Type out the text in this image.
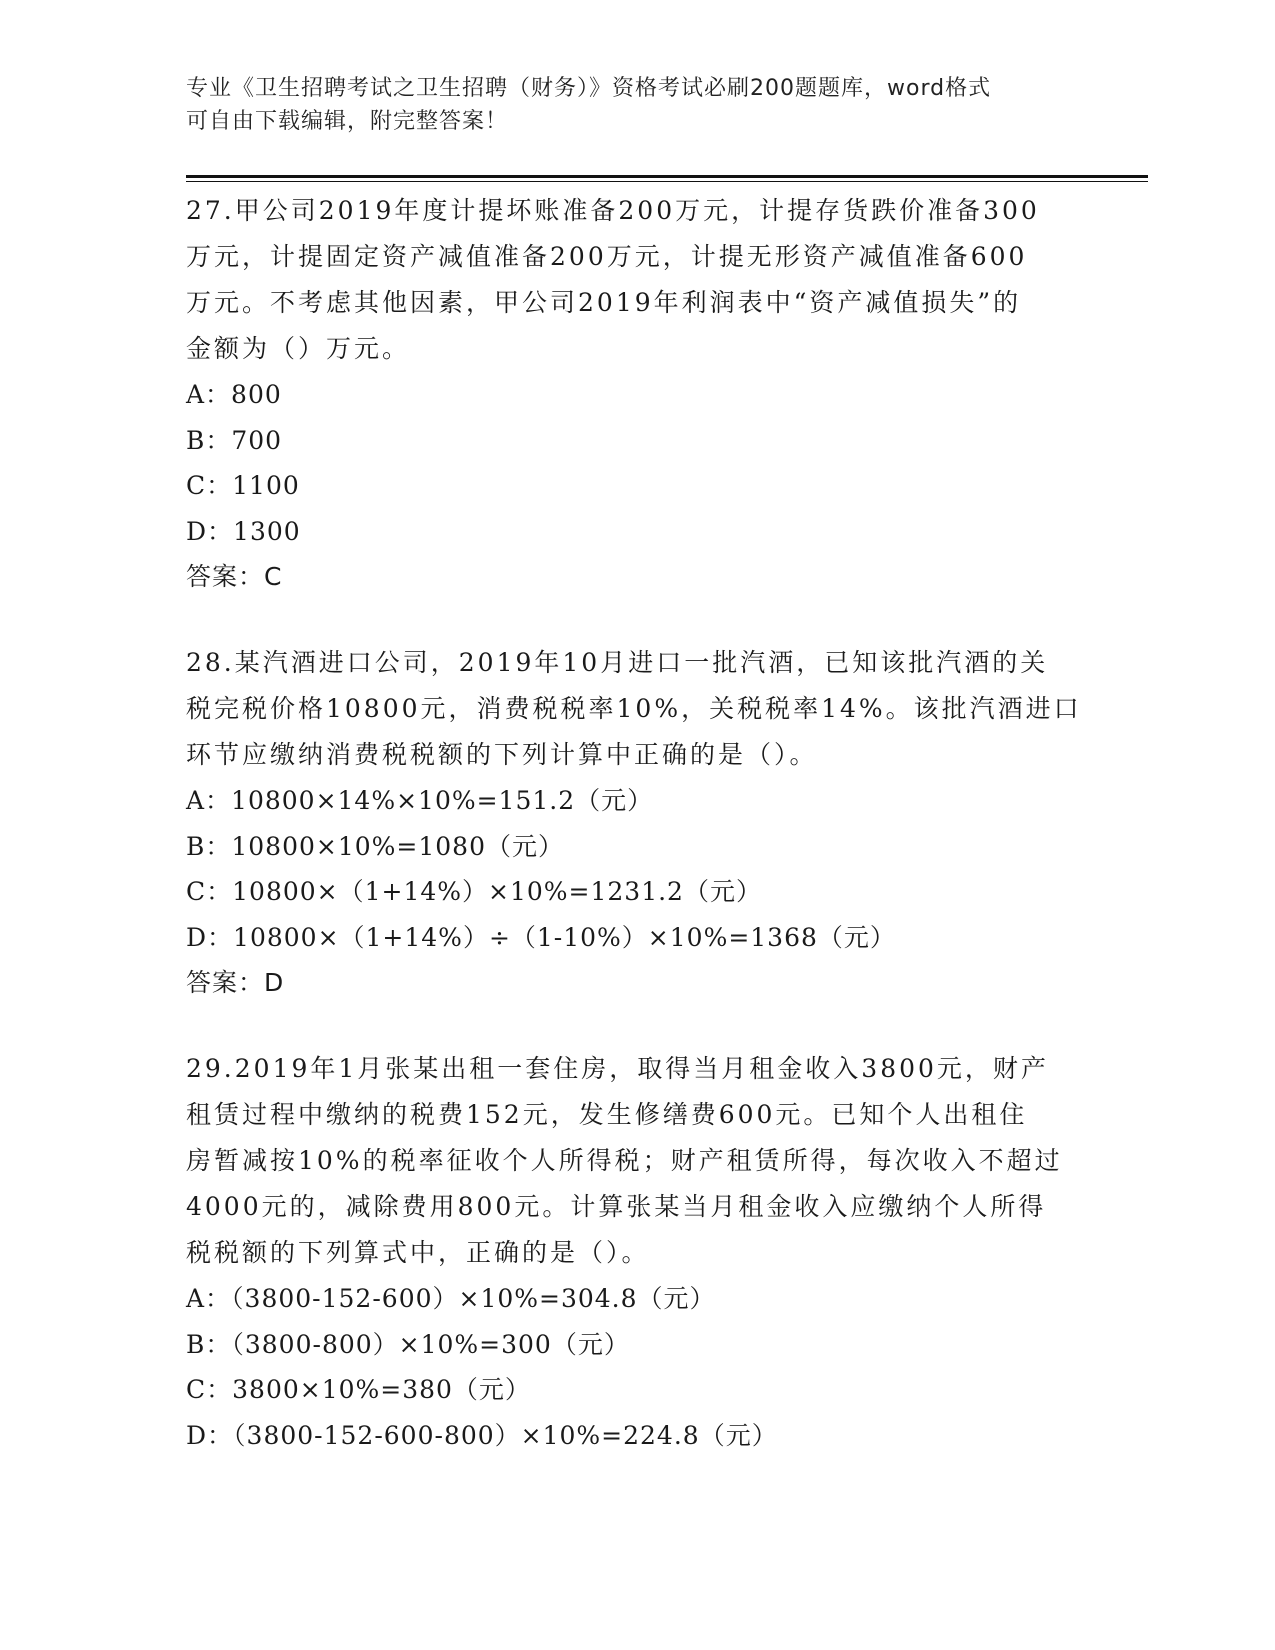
专业《卫生招聘考试之卫生招聘（财务）》资格考试必刷200题题库，word格式
可自由下载编辑，附完整答案！

27.甲公司2019年度计提坏账准备200万元，计提存货跌价准备300
万元，计提固定资产减值准备200万元，计提无形资产减值准备600
万元。不考虑其他因素，甲公司2019年利润表中“资产减值损失”的
金额为（）万元。

A：800

B：700

C：1100

D：1300

答案：C

28.某汽酒进口公司，2019年10月进口一批汽酒，已知该批汽酒的关
税完税价格10800元，消费税税率10%，关税税率14%。该批汽酒进口
环节应缴纳消费税税额的下列计算中正确的是（）。

A：10800×14%×10%=151.2（元）

B：10800×10%=1080（元）

C：10800×（1+14%）×10%=1231.2（元）

D：10800×（1+14%）÷（1-10%）×10%=1368（元）

答案：D

29.2019年1月张某出租一套住房，取得当月租金收入3800元，财产
租赁过程中缴纳的税费152元，发生修缮费600元。已知个人出租住
房暂减按10%的税率征收个人所得税；财产租赁所得，每次收入不超过
4000元的，减除费用800元。计算张某当月租金收入应缴纳个人所得
税税额的下列算式中，正确的是（）。

A：（3800-152-600）×10%=304.8（元）

B：（3800-800）×10%=300（元）

C：3800×10%=380（元）

D：（3800-152-600-800）×10%=224.8（元）
